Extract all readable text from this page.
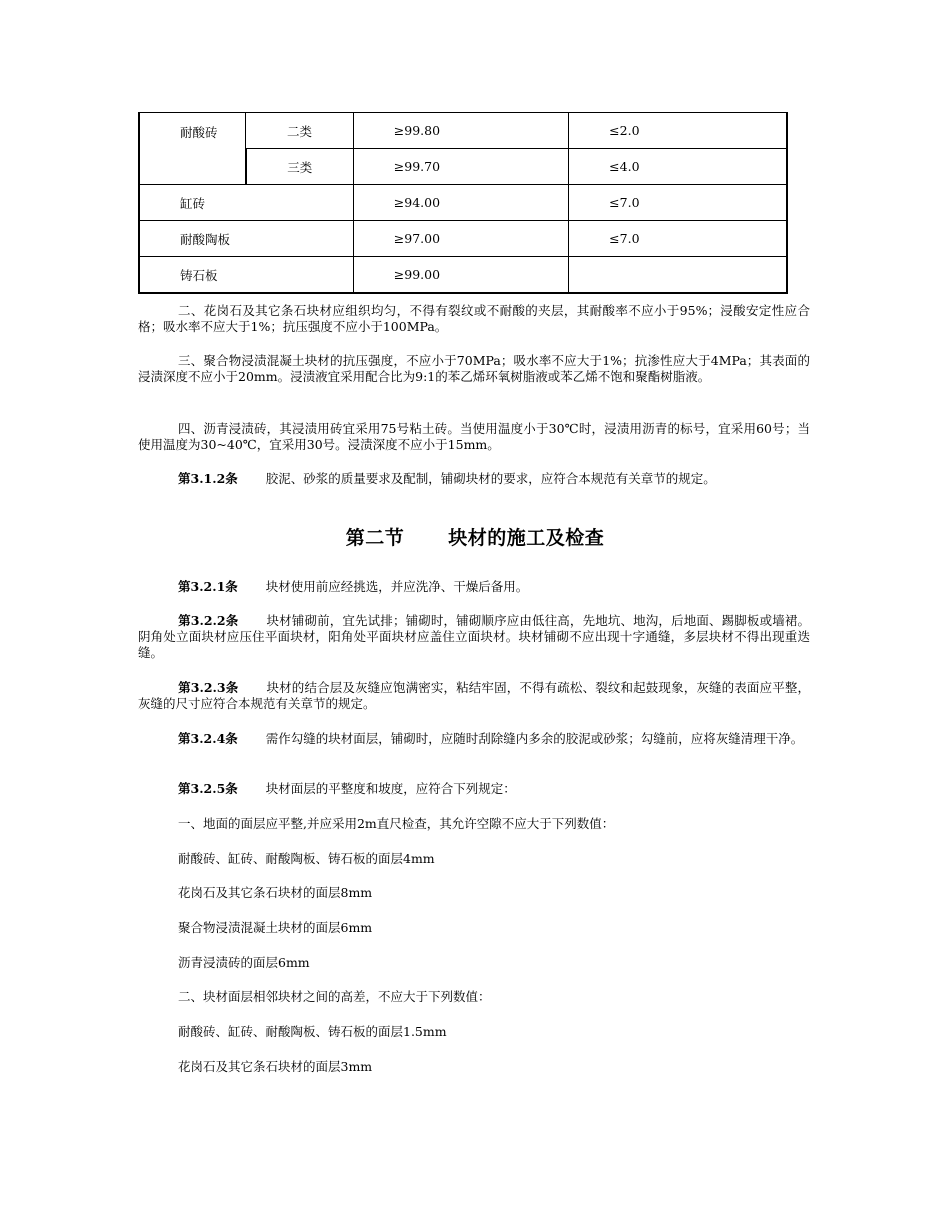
耐酸砖	二类	≥99.80	≤2.0
	三类	≥99.70	≤4.0
缸砖		≥94.00	≤7.0
耐酸陶板		≥97.00	≤7.0
铸石板		≥99.00	
二、花岗石及其它条石块材应组织均匀，不得有裂纹或不耐酸的夹层，其耐酸率不应小于95%；浸酸安定性应合格；吸水率不应大于1%；抗压强度不应小于100MPa。
三、聚合物浸渍混凝土块材的抗压强度，不应小于70MPa；吸水率不应大于1%；抗渗性应大于4MPa；其表面的浸渍深度不应小于20mm。浸渍液宜采用配合比为9:1的苯乙烯环氧树脂液或苯乙烯不饱和聚酯树脂液。
四、沥青浸渍砖，其浸渍用砖宜采用75号粘土砖。当使用温度小于30℃时，浸渍用沥青的标号，宜采用60号；当使用温度为30~40℃，宜采用30号。浸渍深度不应小于15mm。
第3.1.2条 胶泥、砂浆的质量要求及配制，铺砌块材的要求，应符合本规范有关章节的规定。
第二节 块材的施工及检查
第3.2.1条 块材使用前应经挑选，并应洗净、干燥后备用。
第3.2.2条 块材铺砌前，宜先试排；铺砌时，铺砌顺序应由低往高，先地坑、地沟，后地面、踢脚板或墙裙。阴角处立面块材应压住平面块材，阳角处平面块材应盖住立面块材。块材铺砌不应出现十字通缝，多层块材不得出现重迭缝。
第3.2.3条 块材的结合层及灰缝应饱满密实，粘结牢固，不得有疏松、裂纹和起鼓现象，灰缝的表面应平整，灰缝的尺寸应符合本规范有关章节的规定。
第3.2.4条 需作勾缝的块材面层，铺砌时，应随时刮除缝内多余的胶泥或砂浆；勾缝前，应将灰缝清理干净。
第3.2.5条 块材面层的平整度和坡度，应符合下列规定：
一、地面的面层应平整,并应采用2m直尺检查，其允许空隙不应大于下列数值：
耐酸砖、缸砖、耐酸陶板、铸石板的面层4mm
花岗石及其它条石块材的面层8mm
聚合物浸渍混凝土块材的面层6mm
沥青浸渍砖的面层6mm
二、块材面层相邻块材之间的高差，不应大于下列数值：
耐酸砖、缸砖、耐酸陶板、铸石板的面层1.5mm
花岗石及其它条石块材的面层3mm
